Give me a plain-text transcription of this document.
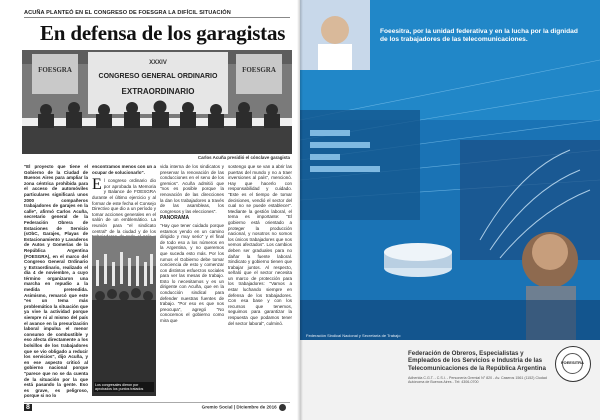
ACUÑA PLANTEÓ EN EL CONGRESO DE FOESGRA LA DIFÍCIL SITUACIÓN
En defensa de los garagistas
FOESGRA
XXXIV
CONGRESO GENERAL ORDINARIO
EXTRAORDINARIO
FOESGRA
Carlos Acuña presidió el cónclave garagista

"El proyecto que tiene el Gobierno de la Ciudad de Buenos Aires para ampliar la zona céntrica prohibida para el acceso de automóviles particulares significará unos 2000 compañeros trabajadores de garajes en la calle", afirmó Carlos Acuña, secretario general de la Federación Obrera de Estaciones de Servicio (sObC, Garajes, Playas de Estacionamiento y Lavaderos de Autos y Gomerías de la República Argentina (FOESGRA), en el marco del Congreso General Ordinario y Extraordinario, realizado el día 4 de noviembre, a cuyo término organizaron una marcha en repudio a la medida pretendida. Asimismo, remarcó que este "es un tema más problemático la situación que ya vive la actividad porque siempre ni al mismo del país el avance en la presurización laboral impulsa el menor consumo de combustible y eso afecta directamente a los bolsillos de los trabajadores que se vio obligado a reducir los servicios", dijo Acuña, y en ese aspecto criticó al gobierno nacional porque "parece que no se da cuenta de la situación por la que está pasando la gente. Eso es grave, es peligroso, porque si no lo

encontramos menos con un a ocupar de solucionarlo".

El congreso ordinario dio por aprobada la Memoria y Balance de FOESGRA durante el último ejercicio y al formar de este fecha el Consejo Directivo que dio a un período y tomar acciones generales en el salón de un emblemático. La reunión para "el sindicato central" de la ciudad y de los

vida interna de los sindicatos y preservar la renovación de las conducciones en el seno de los gremios". Acuña admitió que "nos es posible porque la renovación de las direcciones la dan los trabajadores a través de las asambleas, los congresos y las elecciones".

PANORAMA

"Hay que tener cuidado porque estamos yendo en un camino dirigido y muy serio" y el final de todo eso a los números en la Argentina, y no queremos que suceda esto más. Por los rumos el Gobierno debe tomar conciencia de esto y comenzar con distintos esfuerzos sociales para ver las mesas de trabajo. Esto lo necesitamos y es un dirigente con Acuña, que en la conducción sindical para defender nuestras fuentes de trabajo. "Por eso es que nos preocupa", agregó "No conocemos el gobierno como mira que

sostengo que se van a abrir las puertas del mundo y no a traer inversiones al país", mencionó. Hay que hacerlo con responsabilidad y cuidado. "Este es el tiempo de tomar decisiones, vendió el sector del cual no se puede establecer". Mediante la gestión laboral, el tema es importante: "El gobierno está orientado a proteger la producción nacional, y nosotros no somos los únicos trabajadores que nos vemos afectados". Los cambios deben ser graduales para no dañar la fuente laboral. Sindicato y gobierno tienen que trabajar juntos. Al respecto, señaló que el sector necesita un marco de protección para los trabajadores: "Vamos a estar luchando siempre en defensa de los trabajadores. Con esa base y con los recursos que tenemos, seguimos para garantizar la respuesta que podamos tener del sector laboral", culminó.

Los congresales dieron por aprobados los puntos tratados
8	Gremio Social | Diciembre de 2016
Foeesitra, por la unidad federativa y en la lucha por la dignidad de los trabajadores de las telecomunicaciones.
Federación Sindical Nacional y Secretaría de Trabajo
Federación de Obreros, Especialistas y Empleados de los Servicios e Industria de las Telecomunicaciones de la República Argentina
Adherida C.G.T. - C.S.I. - Personería Gremial N° 820 - Av. Caseros 1561 (1152) Ciudad Autónoma de Buenos Aires - Tel: 4306-0700
FOEESITRA
